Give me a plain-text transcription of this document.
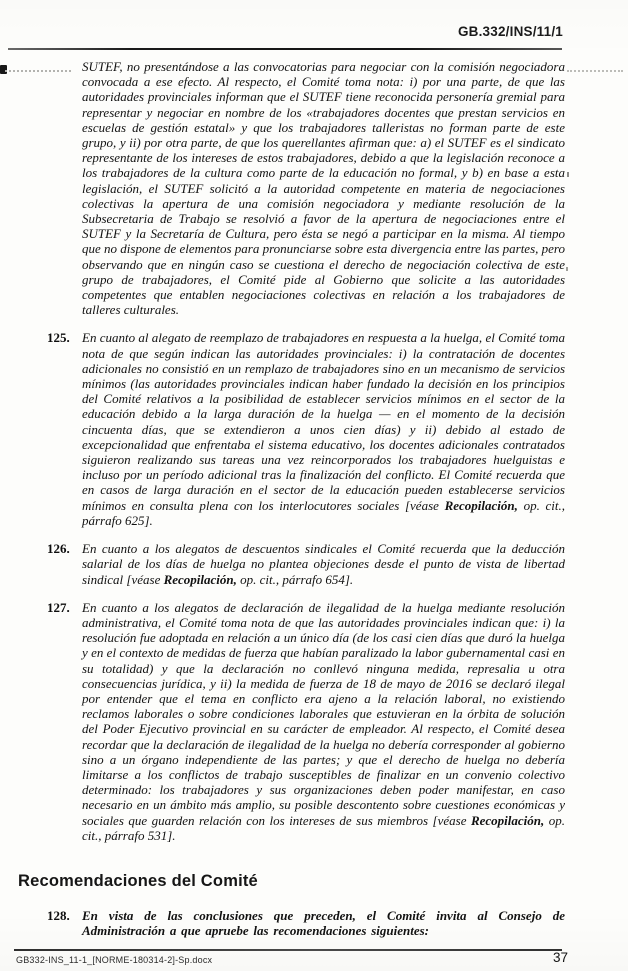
GB.332/INS/11/1
SUTEF, no presentándose a las convocatorias para negociar con la comisión negociadora convocada a ese efecto. Al respecto, el Comité toma nota: i) por una parte, de que las autoridades provinciales informan que el SUTEF tiene reconocida personería gremial para representar y negociar en nombre de los «trabajadores docentes que prestan servicios en escuelas de gestión estatal» y que los trabajadores talleristas no forman parte de este grupo, y ii) por otra parte, de que los querellantes afirman que: a) el SUTEF es el sindicato representante de los intereses de estos trabajadores, debido a que la legislación reconoce a los trabajadores de la cultura como parte de la educación no formal, y b) en base a esta legislación, el SUTEF solicitó a la autoridad competente en materia de negociaciones colectivas la apertura de una comisión negociadora y mediante resolución de la Subsecretaria de Trabajo se resolvió a favor de la apertura de negociaciones entre el SUTEF y la Secretaría de Cultura, pero ésta se negó a participar en la misma. Al tiempo que no dispone de elementos para pronunciarse sobre esta divergencia entre las partes, pero observando que en ningún caso se cuestiona el derecho de negociación colectiva de este grupo de trabajadores, el Comité pide al Gobierno que solicite a las autoridades competentes que entablen negociaciones colectivas en relación a los trabajadores de talleres culturales.
125. En cuanto al alegato de reemplazo de trabajadores en respuesta a la huelga, el Comité toma nota de que según indican las autoridades provinciales: i) la contratación de docentes adicionales no consistió en un remplazo de trabajadores sino en un mecanismo de servicios mínimos (las autoridades provinciales indican haber fundado la decisión en los principios del Comité relativos a la posibilidad de establecer servicios mínimos en el sector de la educación debido a la larga duración de la huelga — en el momento de la decisión cincuenta días, que se extendieron a unos cien días) y ii) debido al estado de excepcionalidad que enfrentaba el sistema educativo, los docentes adicionales contratados siguieron realizando sus tareas una vez reincorporados los trabajadores huelguistas e incluso por un período adicional tras la finalización del conflicto. El Comité recuerda que en casos de larga duración en el sector de la educación pueden establecerse servicios mínimos en consulta plena con los interlocutores sociales [véase Recopilación, op. cit., párrafo 625].
126. En cuanto a los alegatos de descuentos sindicales el Comité recuerda que la deducción salarial de los días de huelga no plantea objeciones desde el punto de vista de libertad sindical [véase Recopilación, op. cit., párrafo 654].
127. En cuanto a los alegatos de declaración de ilegalidad de la huelga mediante resolución administrativa, el Comité toma nota de que las autoridades provinciales indican que: i) la resolución fue adoptada en relación a un único día (de los casi cien días que duró la huelga y en el contexto de medidas de fuerza que habían paralizado la labor gubernamental casi en su totalidad) y que la declaración no conllevó ninguna medida, represalia u otra consecuencias jurídica, y ii) la medida de fuerza de 18 de mayo de 2016 se declaró ilegal por entender que el tema en conflicto era ajeno a la relación laboral, no existiendo reclamos laborales o sobre condiciones laborales que estuvieran en la órbita de solución del Poder Ejecutivo provincial en su carácter de empleador. Al respecto, el Comité desea recordar que la declaración de ilegalidad de la huelga no debería corresponder al gobierno sino a un órgano independiente de las partes; y que el derecho de huelga no debería limitarse a los conflictos de trabajo susceptibles de finalizar en un convenio colectivo determinado: los trabajadores y sus organizaciones deben poder manifestar, en caso necesario en un ámbito más amplio, su posible descontento sobre cuestiones económicas y sociales que guarden relación con los intereses de sus miembros [véase Recopilación, op. cit., párrafo 531].
Recomendaciones del Comité
128. En vista de las conclusiones que preceden, el Comité invita al Consejo de Administración a que apruebe las recomendaciones siguientes:
GB332-INS_11-1_[NORME-180314-2]-Sp.docx	37
